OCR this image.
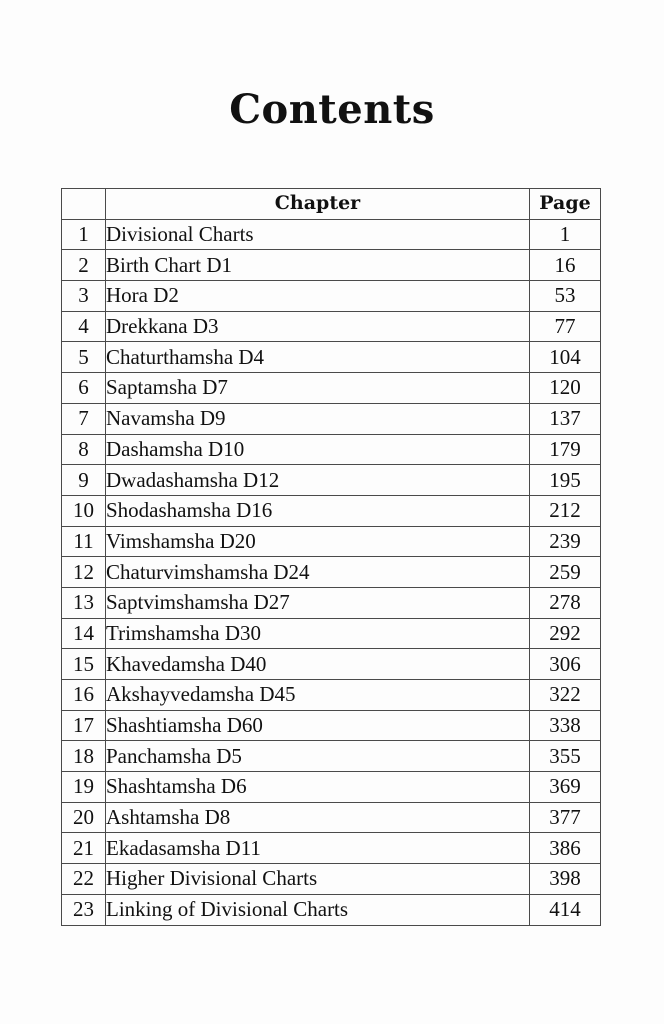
Contents
	Chapter	Page
1	Divisional Charts	1
2	Birth Chart D1	16
3	Hora D2	53
4	Drekkana D3	77
5	Chaturthamsha D4	104
6	Saptamsha D7	120
7	Navamsha D9	137
8	Dashamsha D10	179
9	Dwadashamsha D12	195
10	Shodashamsha D16	212
11	Vimshamsha D20	239
12	Chaturvimshamsha D24	259
13	Saptvimshamsha D27	278
14	Trimshamsha D30	292
15	Khavedamsha D40	306
16	Akshayvedamsha D45	322
17	Shashtiamsha D60	338
18	Panchamsha D5	355
19	Shashtamsha D6	369
20	Ashtamsha D8	377
21	Ekadasamsha D11	386
22	Higher Divisional Charts	398
23	Linking of Divisional Charts	414
